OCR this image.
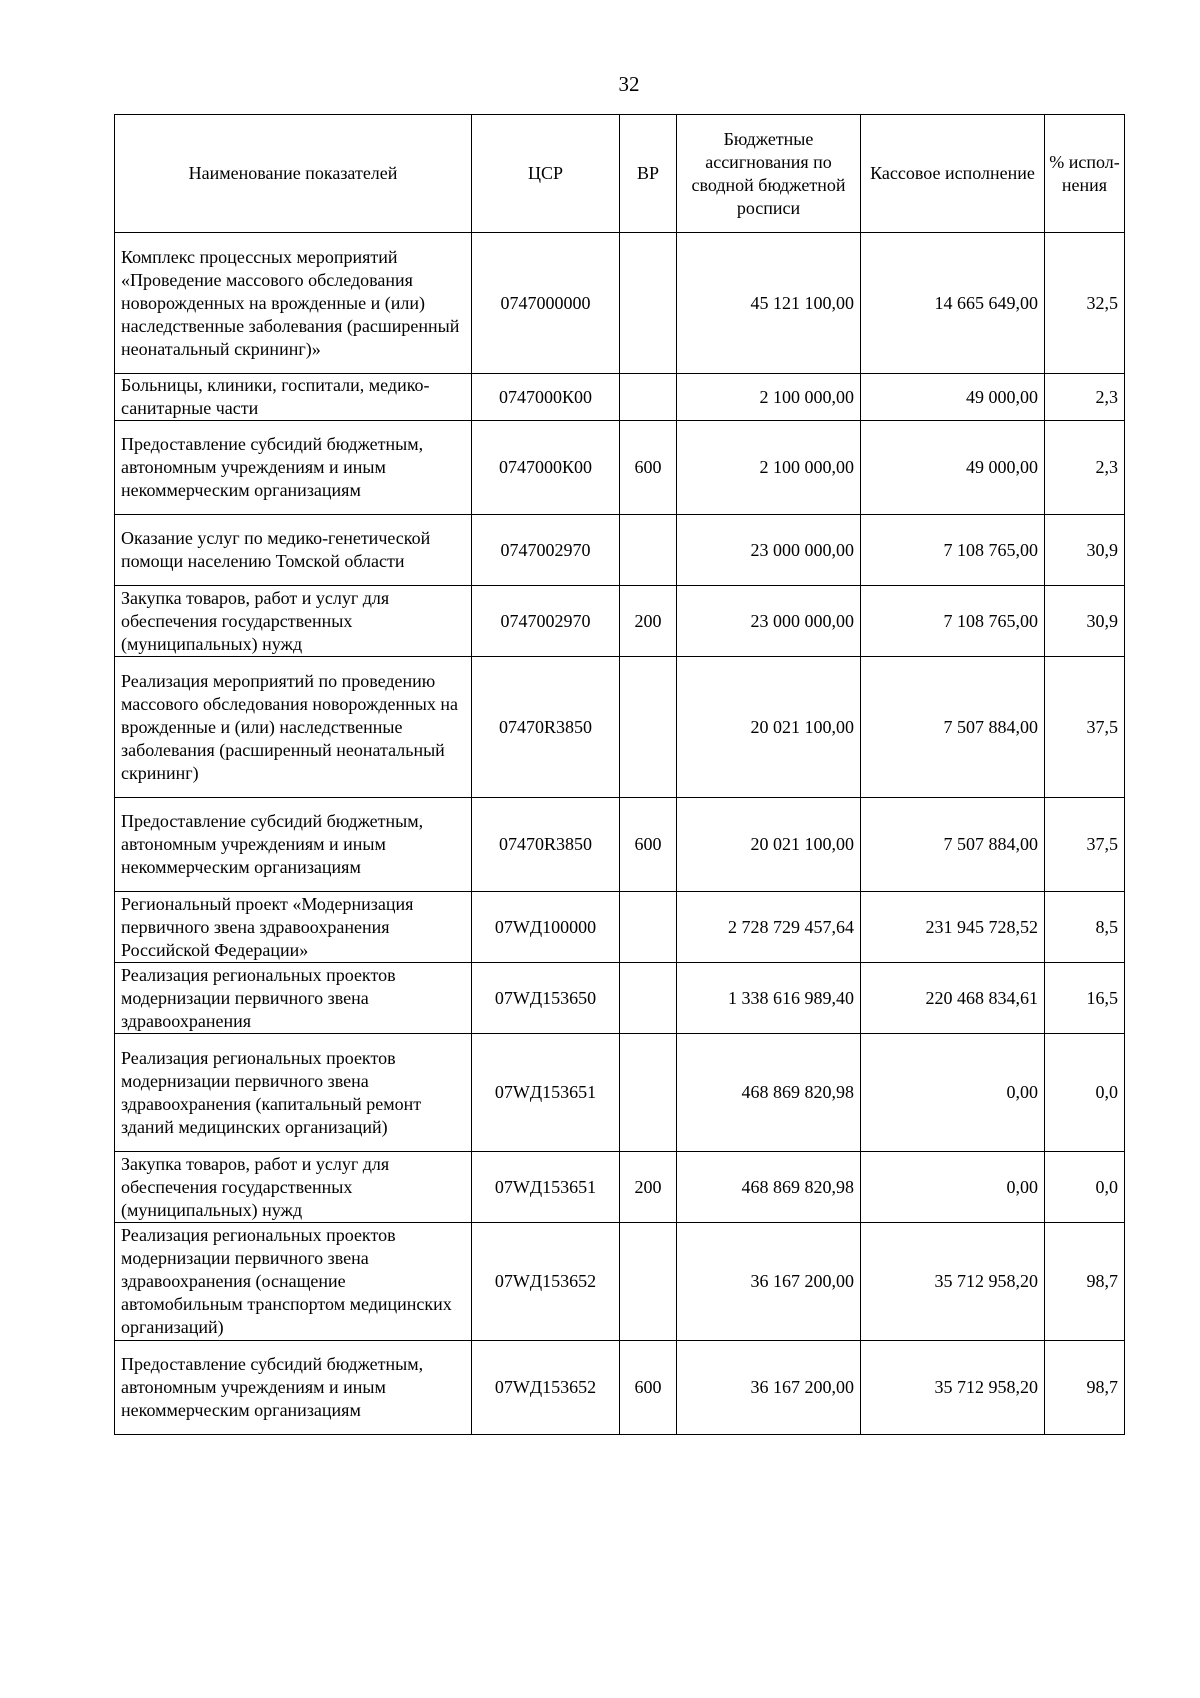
32
Наименование показателей	ЦСР	ВР	Бюджетные ассигнования по сводной бюджетной росписи	Кассовое исполнение	% испол-нения
Комплекс процессных мероприятий «Проведение массового обследования новорожденных на врожденные и (или) наследственные заболевания (расширенный неонатальный скрининг)»	0747000000		45 121 100,00	14 665 649,00	32,5
Больницы, клиники, госпитали, медико-санитарные части	0747000К00		2 100 000,00	49 000,00	2,3
Предоставление субсидий бюджетным, автономным учреждениям и иным некоммерческим организациям	0747000К00	600	2 100 000,00	49 000,00	2,3
Оказание услуг по медико-генетической помощи населению Томской области	0747002970		23 000 000,00	7 108 765,00	30,9
Закупка товаров, работ и услуг для обеспечения государственных (муниципальных) нужд	0747002970	200	23 000 000,00	7 108 765,00	30,9
Реализация мероприятий по проведению массового обследования новорожденных на врожденные и (или) наследственные заболевания (расширенный неонатальный скрининг)	07470R3850		20 021 100,00	7 507 884,00	37,5
Предоставление субсидий бюджетным, автономным учреждениям и иным некоммерческим организациям	07470R3850	600	20 021 100,00	7 507 884,00	37,5
Региональный проект «Модернизация первичного звена здравоохранения Российской Федерации»	07WД100000		2 728 729 457,64	231 945 728,52	8,5
Реализация региональных проектов модернизации первичного звена здравоохранения	07WД153650		1 338 616 989,40	220 468 834,61	16,5
Реализация региональных проектов модернизации первичного звена здравоохранения (капитальный ремонт зданий медицинских организаций)	07WД153651		468 869 820,98	0,00	0,0
Закупка товаров, работ и услуг для обеспечения государственных (муниципальных) нужд	07WД153651	200	468 869 820,98	0,00	0,0
Реализация региональных проектов модернизации первичного звена здравоохранения (оснащение автомобильным транспортом медицинских организаций)	07WД153652		36 167 200,00	35 712 958,20	98,7
Предоставление субсидий бюджетным, автономным учреждениям и иным некоммерческим организациям	07WД153652	600	36 167 200,00	35 712 958,20	98,7
